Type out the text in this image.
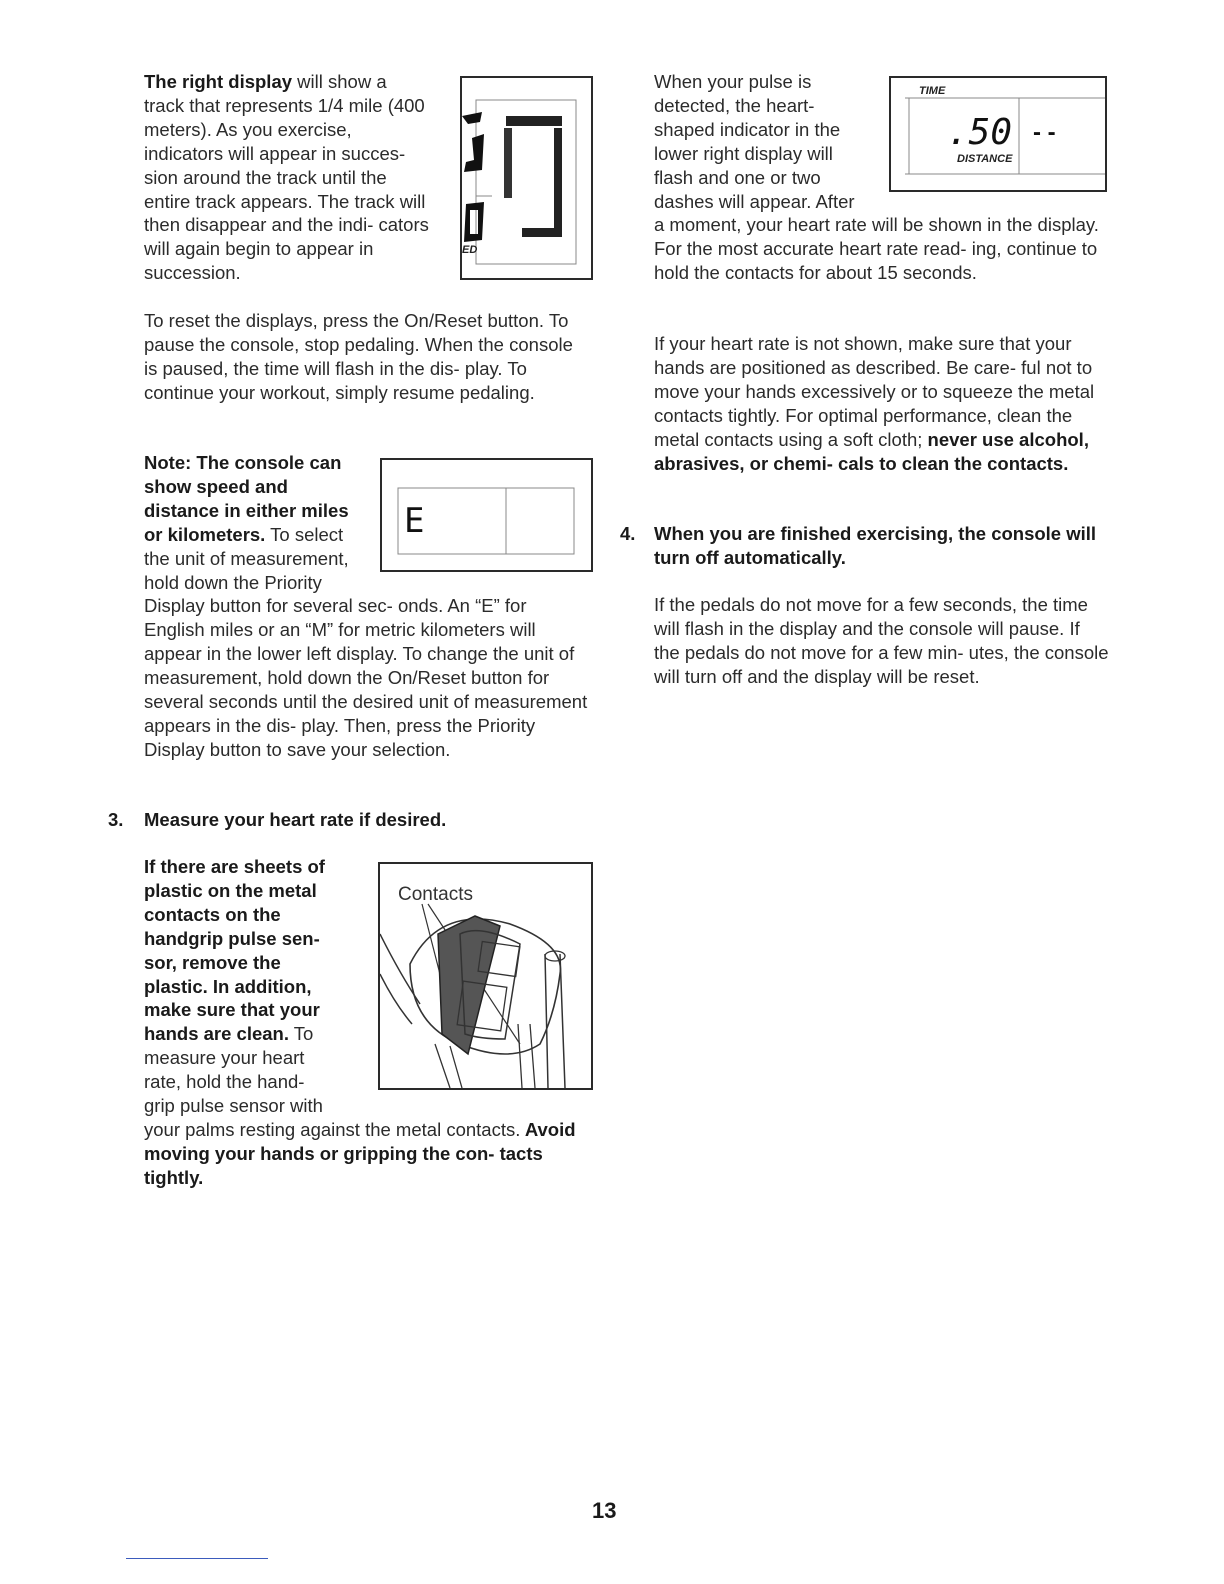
The right display will show a track that represents 1/4 mile (400 meters). As you exercise, indicators will appear in succes- sion around the track until the entire track appears. The track will then disappear and the indi- cators will again begin to appear in succession.
ED
To reset the displays, press the On/Reset button. To pause the console, stop pedaling. When the console is paused, the time will flash in the dis- play. To continue your workout, simply resume pedaling.
Note: The console can show speed and distance in either miles or kilometers. To select the unit of measurement, hold down the Priority Display button for several sec- onds. An “E” for English miles or an “M” for metric kilometers will appear in the lower left display. To change the unit of measurement, hold down the On/Reset button for several seconds until the desired unit of measurement appears in the dis- play. Then, press the Priority Display button to save your selection.
E
3. Measure your heart rate if desired.
If there are sheets of plastic on the metal contacts on the handgrip pulse sen- sor, remove the plastic. In addition, make sure that your hands are clean. To measure your heart rate, hold the hand- grip pulse sensor with your palms resting against the metal contacts. Avoid moving your hands or gripping the con- tacts tightly.
Contacts
When your pulse is detected, the heart- shaped indicator in the lower right display will flash and one or two dashes will appear. After a moment, your heart rate will be shown in the display. For the most accurate heart rate read- ing, continue to hold the contacts for about 15 seconds.
TIME
.50 - -
DISTANCE
If your heart rate is not shown, make sure that your hands are positioned as described. Be care- ful not to move your hands excessively or to squeeze the metal contacts tightly. For optimal performance, clean the metal contacts using a soft cloth; never use alcohol, abrasives, or chemi- cals to clean the contacts.
4. When you are finished exercising, the console will turn off automatically.
If the pedals do not move for a few seconds, the time will flash in the display and the console will pause. If the pedals do not move for a few min- utes, the console will turn off and the display will be reset.
13
